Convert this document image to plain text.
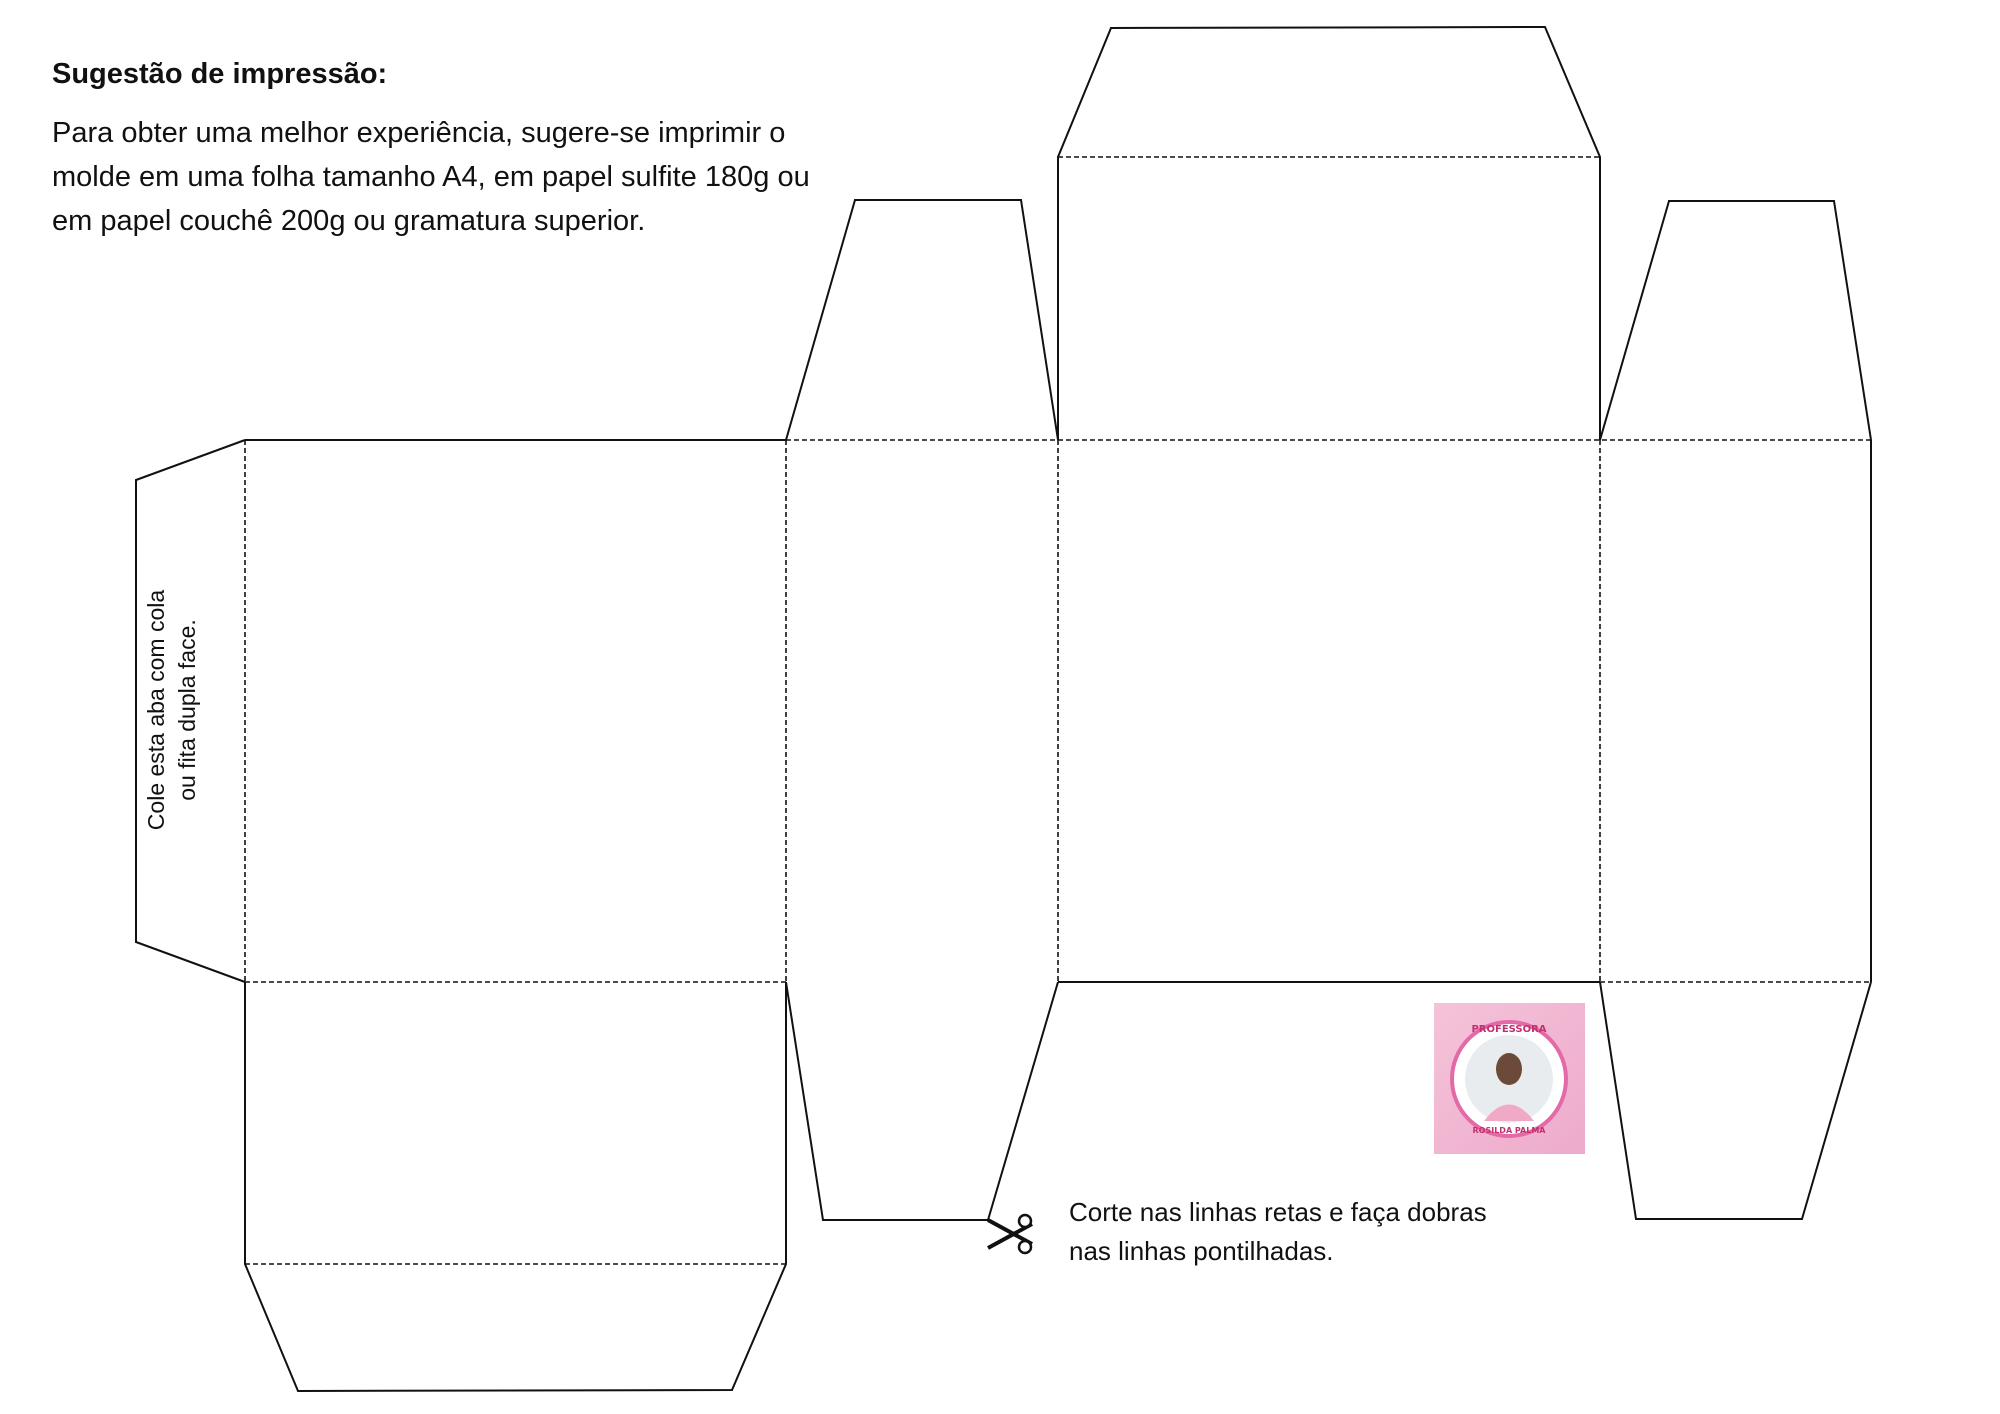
Sugestão de impressão:
Para obter uma melhor experiência, sugere-se imprimir o molde em uma folha tamanho A4, em papel sulfite 180g ou em papel couchê 200g ou gramatura superior.
Cole esta aba com cola ou fita dupla face.
Corte nas linhas retas e faça dobras
nas linhas pontilhadas.
PROFESSORA
ROSILDA PALMA
